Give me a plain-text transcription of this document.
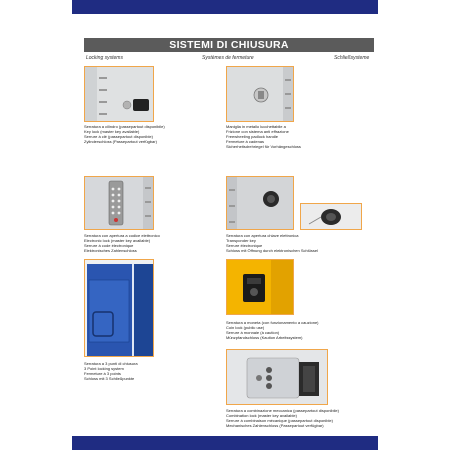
SISTEMI DI CHIUSURA
Locking systems	Systèmes de fermeture	Schließsysteme
Serratura a cilindro (passepartout disponibile)
Key lock (master key available)
Serrure à clé (passepartout disponible)
Zylinderschloss (Passepartout verfügbar)
Maniglia in metallo lucchettabile a
Frizione con sistema anti effrazione
Freewheeling padlock handle
Fermeture à cadenas
Sicherheitsdrehriegel für Vorhängeschloss
Serratura con apertura a codice elettronico
Electronic lock (master key available)
Serrure à code électronique
Elektronisches Zahlenschloss
Serratura con apertura chiave elettronica
Transponder key
Serrure électronique
Schloss mit Öffnung durch elektronischen Schlüssel
Serratura a 3 punti di chiusura
3 Point locking system
Fermeture à 3 points
Schloss mit 3 Schließpunkte
Serratura a moneta (con funzionamento a cauzione)
Coin lock (public use)
Serrure à monnaie (à caution)
Münzpfandschloss (Kaution Arbeitssystem)
Serratura a combinazione meccanica (passepartout disponibile)
Combination lock (master key available)
Serrure à combinaison mécanique (passepartout disponible)
Mechanisches Zahlenschloss (Passepartout verfügbar)
